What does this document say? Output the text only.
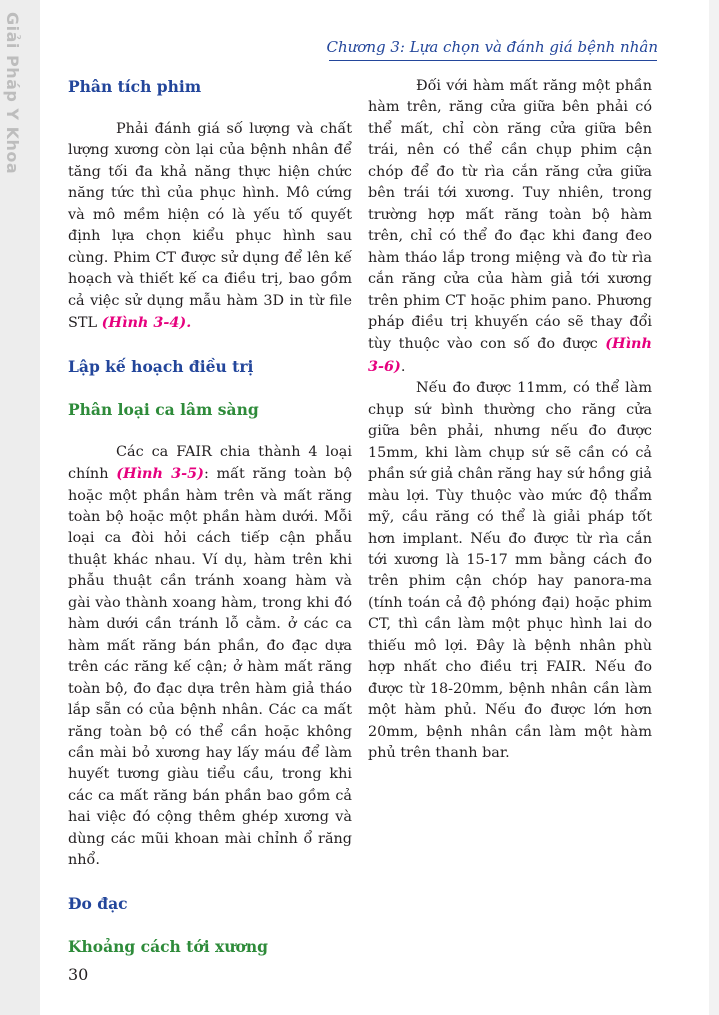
Giải Pháp Y Khoa	Chương 3: Lựa chọn và đánh giá bệnh nhân
Phân tích phim

Phải đánh giá số lượng và chất lượng xương còn lại của bệnh nhân để tăng tối đa khả năng thực hiện chức năng tức thì của phục hình. Mô cứng và mô mềm hiện có là yếu tố quyết định lựa chọn kiểu phục hình sau cùng. Phim CT được sử dụng để lên kế hoạch và thiết kế ca điều trị, bao gồm cả việc sử dụng mẫu hàm 3D in từ file STL (Hình 3-4).

Lập kế hoạch điều trị
Phân loại ca lâm sàng

Các ca FAIR chia thành 4 loại chính (Hình 3-5): mất răng toàn bộ hoặc một phần hàm trên và mất răng toàn bộ hoặc một phần hàm dưới. Mỗi loại ca đòi hỏi cách tiếp cận phẫu thuật khác nhau. Ví dụ, hàm trên khi phẫu thuật cần tránh xoang hàm và gài vào thành xoang hàm, trong khi đó hàm dưới cần tránh lỗ cằm. ở các ca hàm mất răng bán phần, đo đạc dựa trên các răng kế cận; ở hàm mất răng toàn bộ, đo đạc dựa trên hàm giả tháo lắp sẵn có của bệnh nhân. Các ca mất răng toàn bộ có thể cần hoặc không cần mài bỏ xương hay lấy máu để làm huyết tương giàu tiểu cầu, trong khi các ca mất răng bán phần bao gồm cả hai việc đó cộng thêm ghép xương và dùng các mũi khoan mài chỉnh ổ răng nhổ.

Đo đạc
Khoảng cách tới xương

Đối với hàm mất răng một phần hàm trên, răng cửa giữa bên phải có thể mất, chỉ còn răng cửa giữa bên trái, nên có thể cần chụp phim cận chóp để đo từ rìa cắn răng cửa giữa bên trái tới xương. Tuy nhiên, trong trường hợp mất răng toàn bộ hàm trên, chỉ có thể đo đạc khi đang đeo hàm tháo lắp trong miệng và đo từ rìa cắn răng cửa của hàm giả tới xương trên phim CT hoặc phim pano. Phương pháp điều trị khuyến cáo sẽ thay đổi tùy thuộc vào con số đo được (Hình 3-6).

Nếu đo được 11mm, có thể làm chụp sứ bình thường cho răng cửa giữa bên phải, nhưng nếu đo được 15mm, khi làm chụp sứ sẽ cần có cả phần sứ giả chân răng hay sứ hồng giả màu lợi. Tùy thuộc vào mức độ thẩm mỹ, cầu răng có thể là giải pháp tốt hơn implant. Nếu đo được từ rìa cắn tới xương là 15-17 mm bằng cách đo trên phim cận chóp hay panora-ma (tính toán cả độ phóng đại) hoặc phim CT, thì cần làm một phục hình lai do thiếu mô lợi. Đây là bệnh nhân phù hợp nhất cho điều trị FAIR. Nếu đo được từ 18-20mm, bệnh nhân cần làm một hàm phủ. Nếu đo được lớn hơn 20mm, bệnh nhân cần làm một hàm phủ trên thanh bar.

30
